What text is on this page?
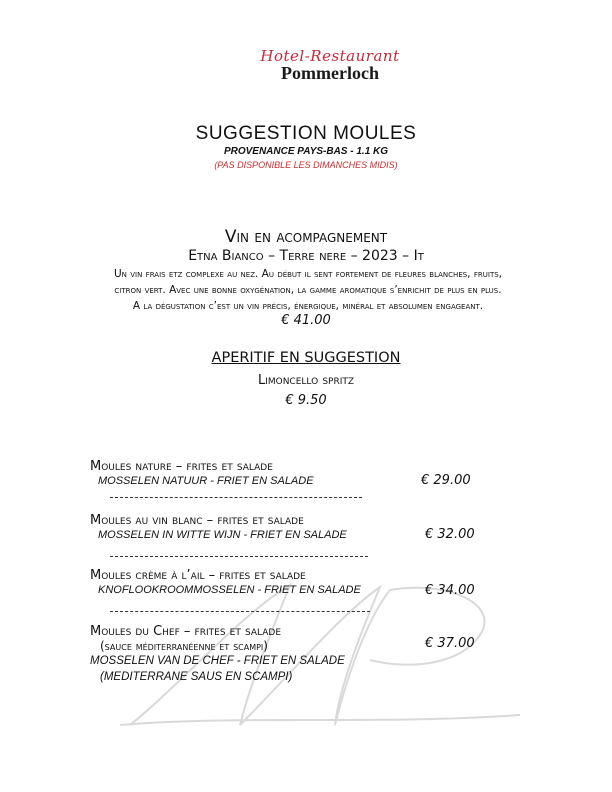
Hotel-Restaurant
Pommerloch
SUGGESTION MOULES
PROVENANCE PAYS-BAS - 1.1 KG
(PAS DISPONIBLE LES DIMANCHES MIDIS)
Vin en acompagnement
Etna Bianco – Terre nere – 2023 – It
Un vin frais etz complexe au nez. Au début il sent fortement de fleures blanches, fruits,
citron vert. Avec une bonne oxygénation, la gamme aromatique s’enrichit de plus en plus.
A la dégustation c’est un vin précis, énergique, minéral et absolumen engageant.
€ 41.00
APERITIF EN SUGGESTION
Limoncello spritz
€ 9.50
Moules nature – frites et salade
MOSSELEN NATUUR - FRIET EN SALADE	€ 29.00
Moules au vin blanc – frites et salade
MOSSELEN IN WITTE WIJN - FRIET EN SALADE	€ 32.00
Moules crème à l’ail – frites et salade
KNOFLOOKROOMMOSSELEN - FRIET EN SALADE	€ 34.00
Moules du Chef – frites et salade
(sauce méditerranéenne et scampi)
MOSSELEN VAN DE CHEF - FRIET EN SALADE
(MEDITERRANE SAUS EN SCAMPI)
€ 37.00
